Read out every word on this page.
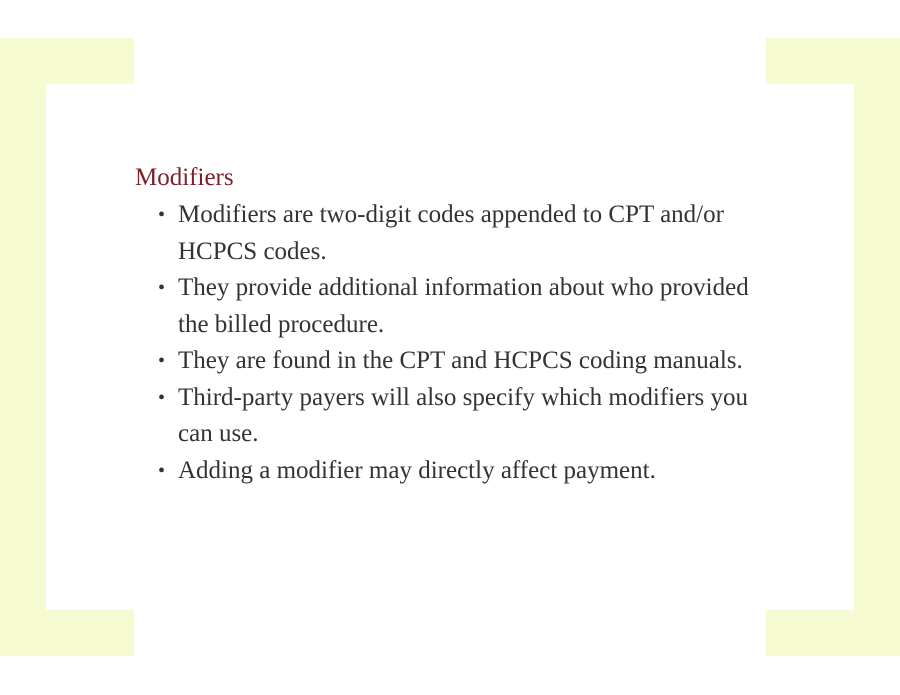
Modifiers
• Modifiers are two-digit codes appended to CPT and/or HCPCS codes.
• They provide additional information about who provided the billed procedure.
• They are found in the CPT and HCPCS coding manuals.
• Third-party payers will also specify which modifiers you can use.
• Adding a modifier may directly affect payment.
